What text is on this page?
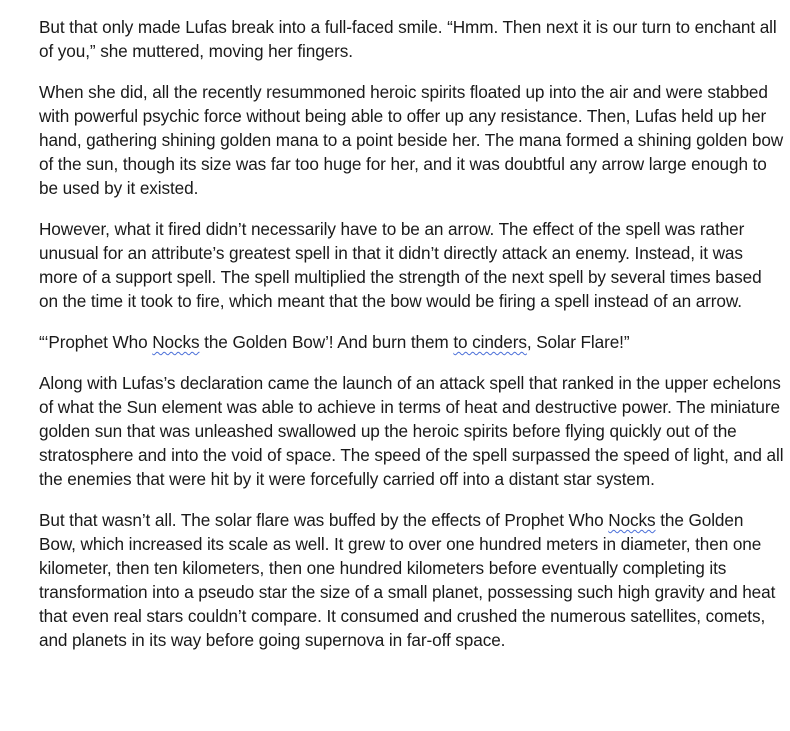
But that only made Lufas break into a full-faced smile. “Hmm. Then next it is our turn to enchant all of you,” she muttered, moving her fingers.

When she did, all the recently resummoned heroic spirits floated up into the air and were stabbed with powerful psychic force without being able to offer up any resistance. Then, Lufas held up her hand, gathering shining golden mana to a point beside her. The mana formed a shining golden bow of the sun, though its size was far too huge for her, and it was doubtful any arrow large enough to be used by it existed.

However, what it fired didn’t necessarily have to be an arrow. The effect of the spell was rather unusual for an attribute’s greatest spell in that it didn’t directly attack an enemy. Instead, it was more of a support spell. The spell multiplied the strength of the next spell by several times based on the time it took to fire, which meant that the bow would be firing a spell instead of an arrow.

“‘Prophet Who Nocks the Golden Bow’! And burn them to cinders, Solar Flare!”

Along with Lufas’s declaration came the launch of an attack spell that ranked in the upper echelons of what the Sun element was able to achieve in terms of heat and destructive power. The miniature golden sun that was unleashed swallowed up the heroic spirits before flying quickly out of the stratosphere and into the void of space. The speed of the spell surpassed the speed of light, and all the enemies that were hit by it were forcefully carried off into a distant star system.

But that wasn’t all. The solar flare was buffed by the effects of Prophet Who Nocks the Golden Bow, which increased its scale as well. It grew to over one hundred meters in diameter, then one kilometer, then ten kilometers, then one hundred kilometers before eventually completing its transformation into a pseudo star the size of a small planet, possessing such high gravity and heat that even real stars couldn’t compare. It consumed and crushed the numerous satellites, comets, and planets in its way before going supernova in far-off space.
